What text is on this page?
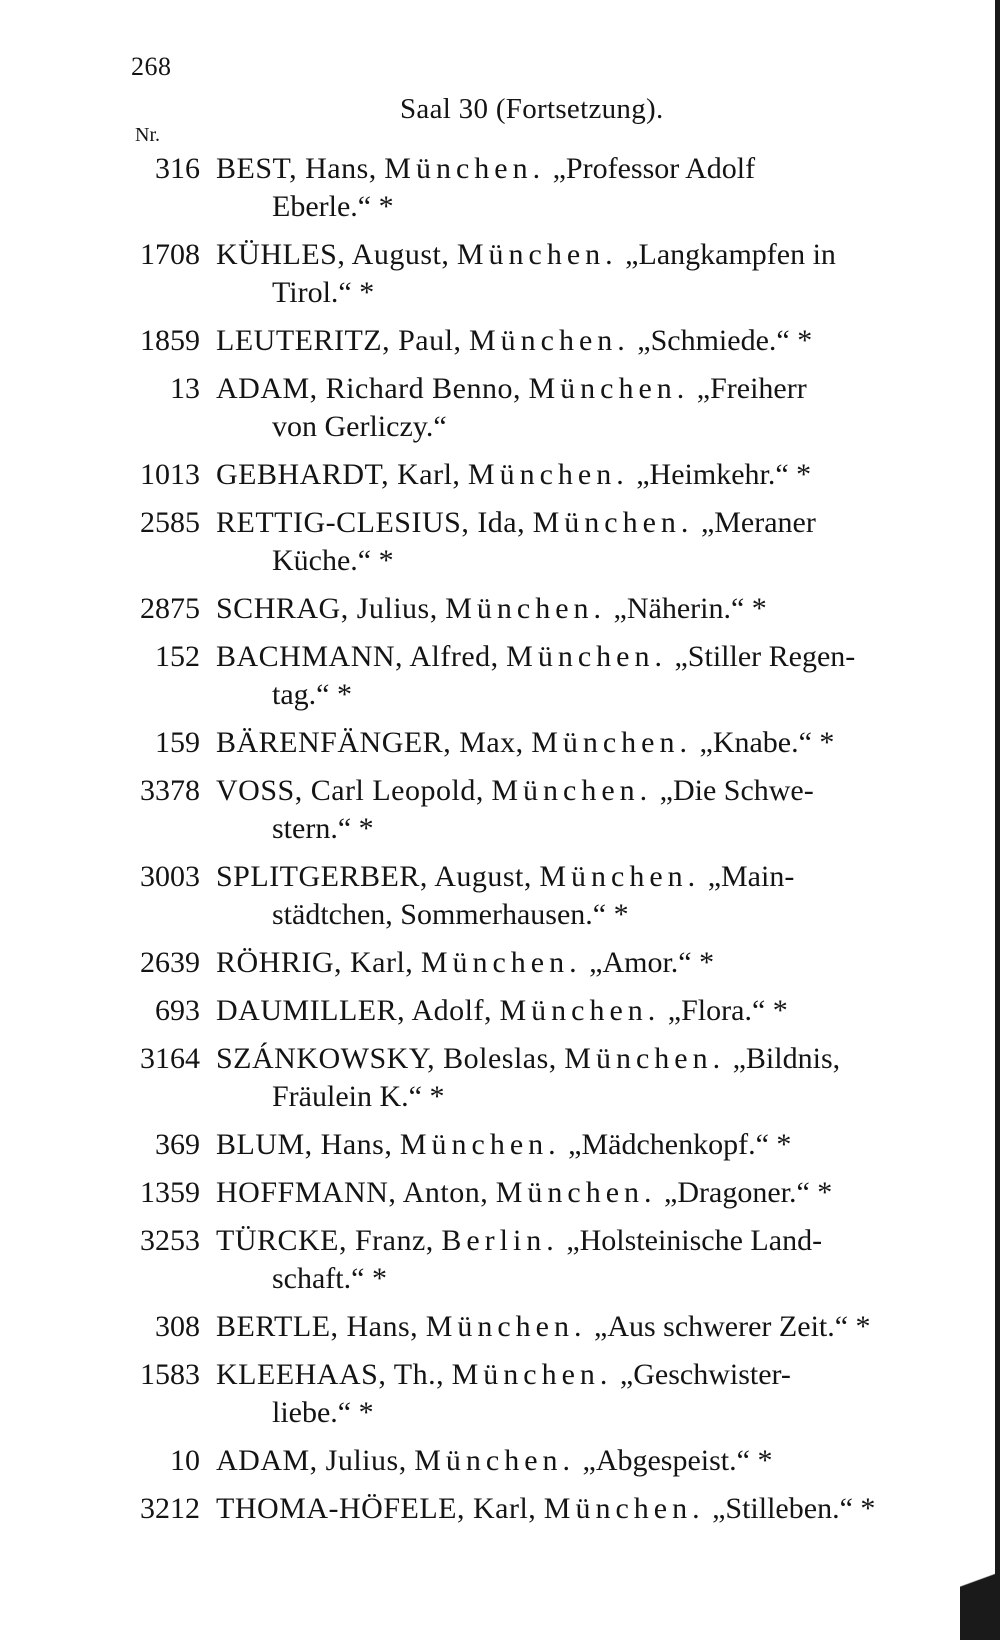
268
Saal 30 (Fortsetzung).
Nr.
316 BEST, Hans, München. „Professor Adolf
Eberle.“ *
1708 KÜHLES, August, München. „Langkampfen in
Tirol.“ *
1859 LEUTERITZ, Paul, München. „Schmiede.“ *
13 ADAM, Richard Benno, München. „Freiherr
von Gerliczy.“
1013 GEBHARDT, Karl, München. „Heimkehr.“ *
2585 RETTIG-CLESIUS, Ida, München. „Meraner
Küche.“ *
2875 SCHRAG, Julius, München. „Näherin.“ *
152 BACHMANN, Alfred, München. „Stiller Regen-
tag.“ *
159 BÄRENFÄNGER, Max, München. „Knabe.“ *
3378 VOSS, Carl Leopold, München. „Die Schwe-
stern.“ *
3003 SPLITGERBER, August, München. „Main-
städtchen, Sommerhausen.“ *
2639 RÖHRIG, Karl, München. „Amor.“ *
693 DAUMILLER, Adolf, München. „Flora.“ *
3164 SZÁNKOWSKY, Boleslas, München. „Bildnis,
Fräulein K.“ *
369 BLUM, Hans, München. „Mädchenkopf.“ *
1359 HOFFMANN, Anton, München. „Dragoner.“ *
3253 TÜRCKE, Franz, Berlin. „Holsteinische Land-
schaft.“ *
308 BERTLE, Hans, München. „Aus schwerer Zeit.“ *
1583 KLEEHAAS, Th., München. „Geschwister-
liebe.“ *
10 ADAM, Julius, München. „Abgespeist.“ *
3212 THOMA-HÖFELE, Karl, München. „Stilleben.“ *
